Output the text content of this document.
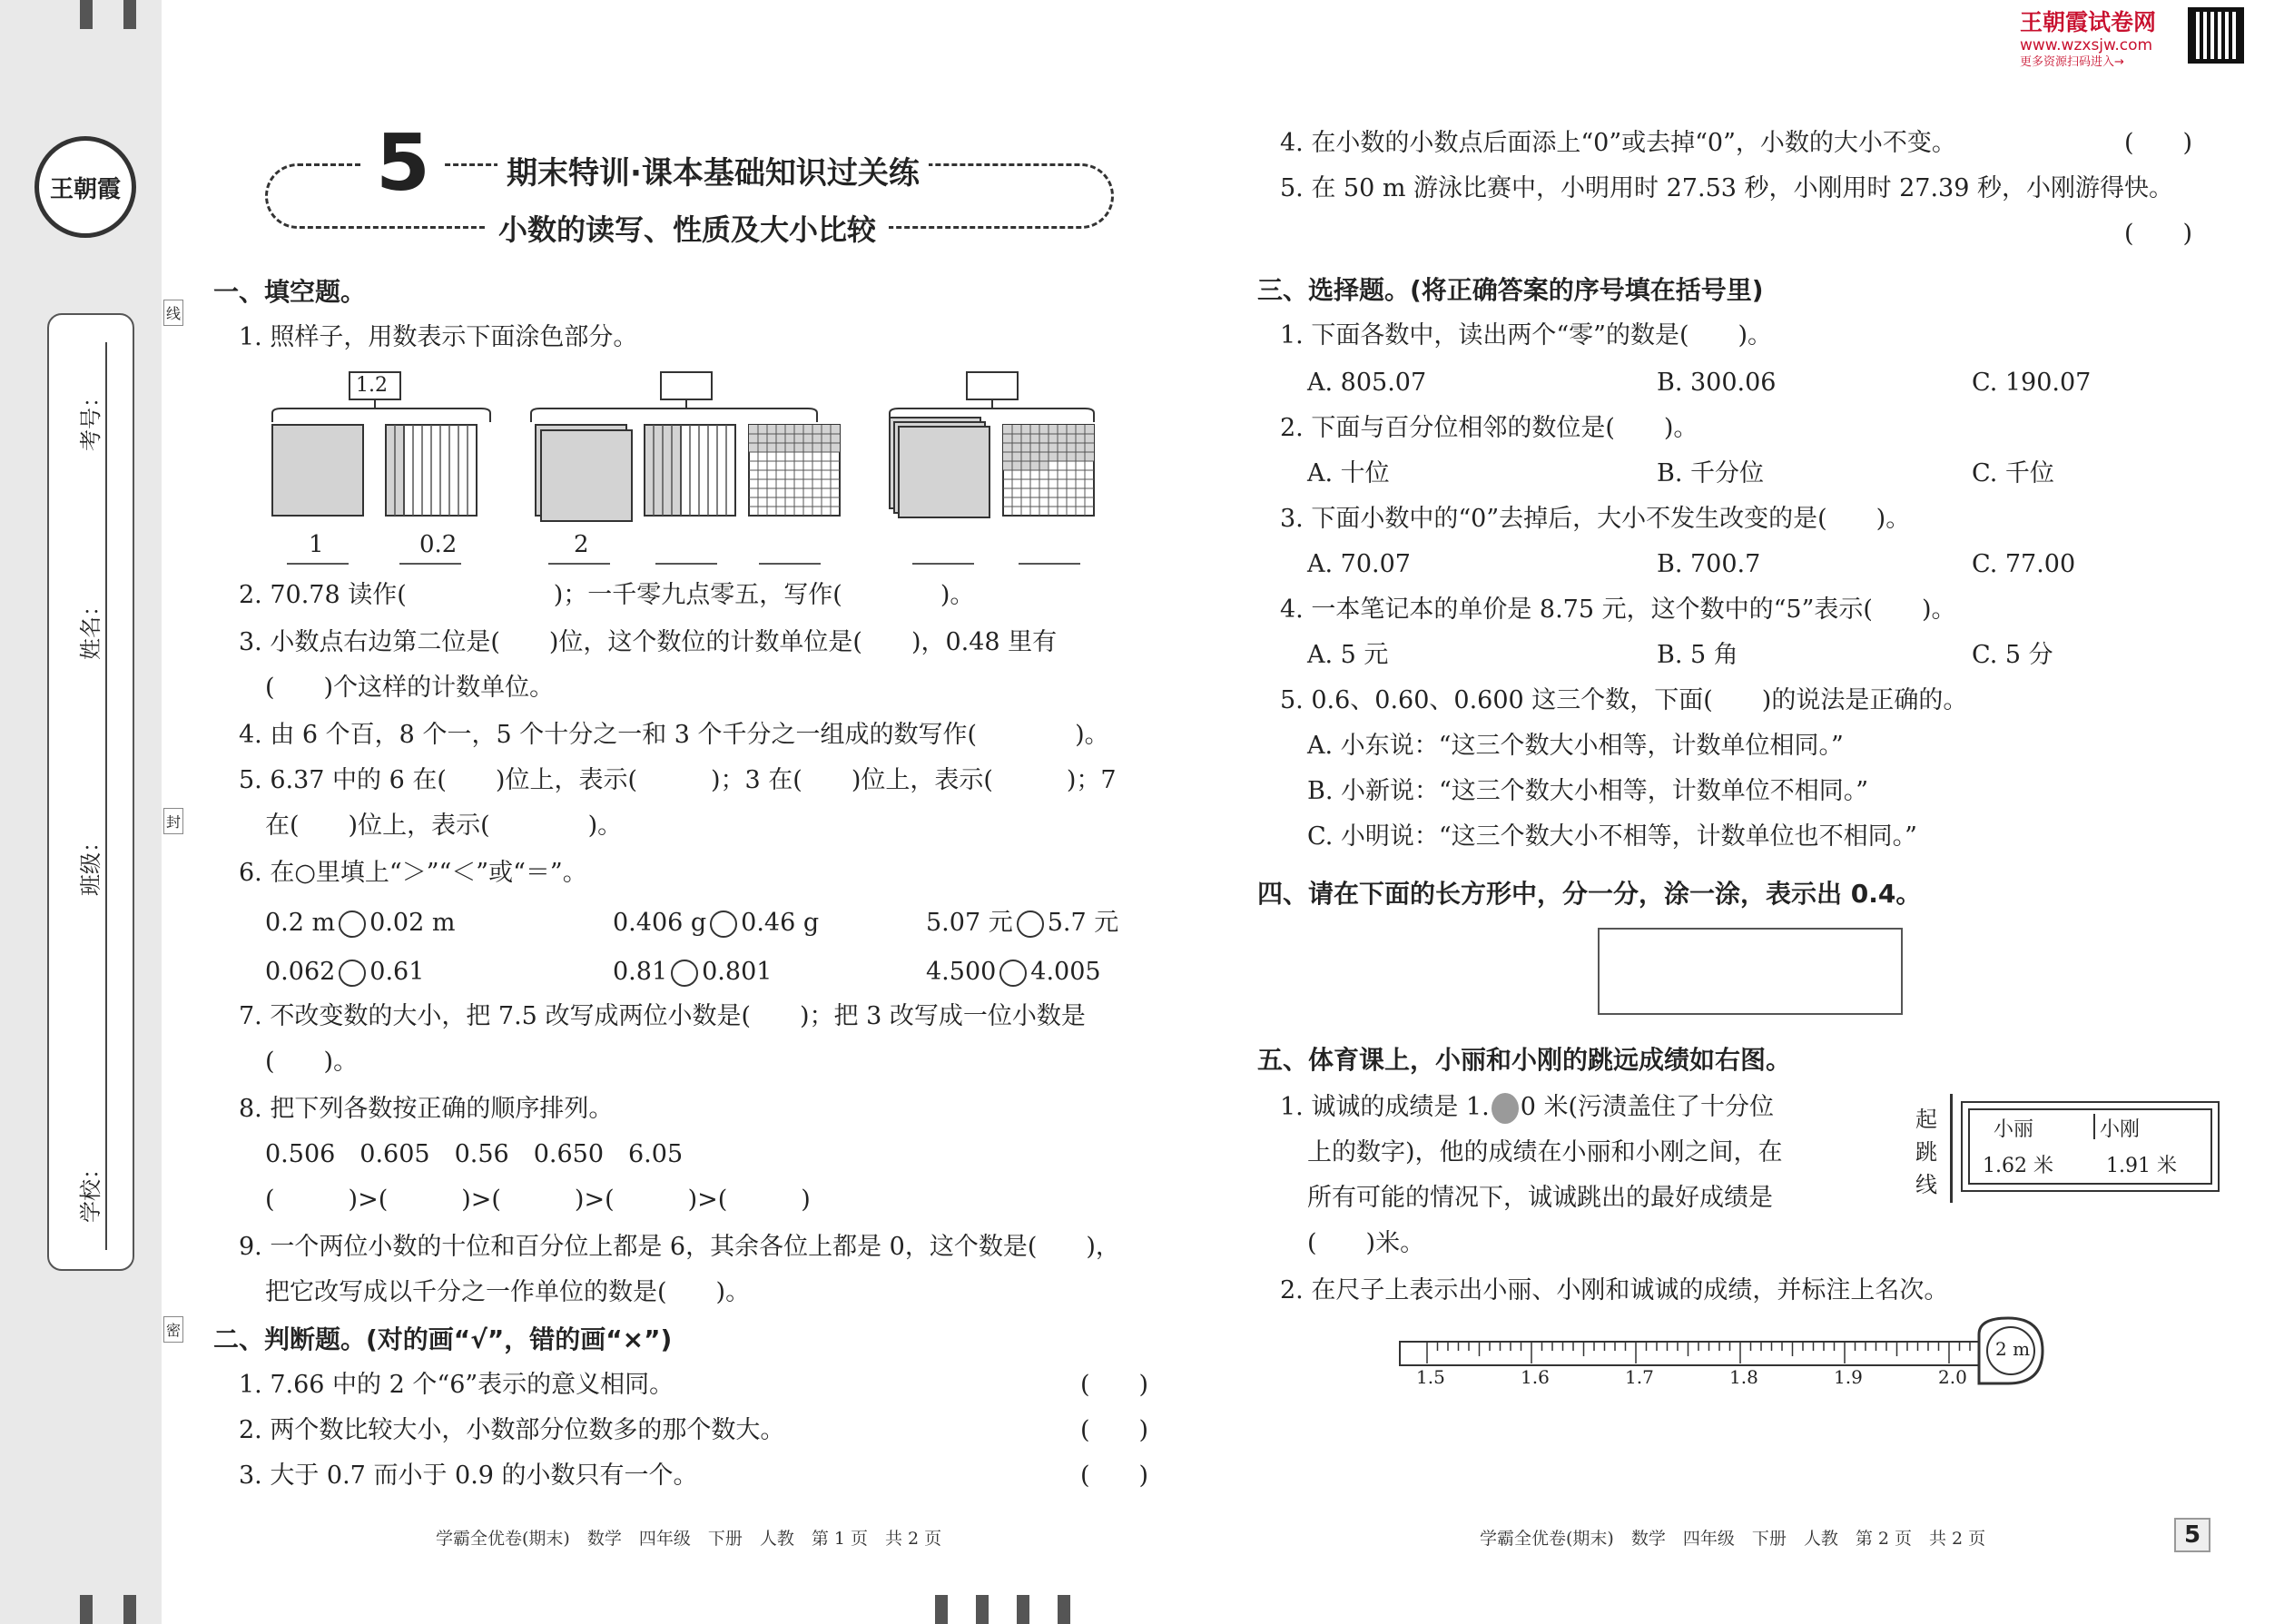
王朝霞
考号：
姓名：
班级：
学校：
线
封
密
5	期末特训·课本基础知识过关练
小数的读写、性质及大小比较
王朝霞试卷网
www.wzxsjw.com
更多资源扫码进入→
一、填空题。
1. 照样子，用数表示下面涂色部分。
1.2
1	0.2	2
2. 70.78 读作(　　　　　　)；一千零九点零五，写作(　　　　)。
3. 小数点右边第二位是(　　)位，这个数位的计数单位是(　　)，0.48 里有
(　　)个这样的计数单位。
4. 由 6 个百，8 个一，5 个十分之一和 3 个千分之一组成的数写作(　　　　)。
5. 6.37 中的 6 在(　　)位上，表示(　　　)；3 在(　　)位上，表示(　　　)；7
在(　　)位上，表示(　　　　)。
6. 在○里填上“＞”“＜”或“＝”。
0.2 m 0.02 m	0.406 g 0.46 g	5.07 元 5.7 元
0.062 0.61	0.81 0.801	4.500 4.005
7. 不改变数的大小，把 7.5 改写成两位小数是(　　)；把 3 改写成一位小数是
(　　)。
8. 把下列各数按正确的顺序排列。
0.506　0.605　0.56　0.650　6.05
(　　　)>(　　　)>(　　　)>(　　　)>(　　　)
9. 一个两位小数的十位和百分位上都是 6，其余各位上都是 0，这个数是(　　)，
把它改写成以千分之一作单位的数是(　　)。
二、判断题。(对的画“√”，错的画“×”)
1. 7.66 中的 2 个“6”表示的意义相同。	(　　)
2. 两个数比较大小，小数部分位数多的那个数大。	(　　)
3. 大于 0.7 而小于 0.9 的小数只有一个。	(　　)
学霸全优卷(期末)　数学　四年级　下册　人教　第 1 页　共 2 页
4. 在小数的小数点后面添上“0”或去掉“0”，小数的大小不变。	(　　)
5. 在 50 m 游泳比赛中，小明用时 27.53 秒，小刚用时 27.39 秒，小刚游得快。
(　　)
三、选择题。(将正确答案的序号填在括号里)
1. 下面各数中，读出两个“零”的数是(　　)。
A. 805.07	B. 300.06	C. 190.07
2. 下面与百分位相邻的数位是(　　)。
A. 十位	B. 千分位	C. 千位
3. 下面小数中的“0”去掉后，大小不发生改变的是(　　)。
A. 70.07	B. 700.7	C. 77.00
4. 一本笔记本的单价是 8.75 元，这个数中的“5”表示(　　)。
A. 5 元	B. 5 角	C. 5 分
5. 0.6、0.60、0.600 这三个数，下面(　　)的说法是正确的。
A. 小东说：“这三个数大小相等，计数单位相同。”
B. 小新说：“这三个数大小相等，计数单位不相同。”
C. 小明说：“这三个数大小不相等，计数单位也不相同。”
四、请在下面的长方形中，分一分，涂一涂，表示出 0.4。
五、体育课上，小丽和小刚的跳远成绩如右图。
1. 诚诚的成绩是 1. 0 米(污渍盖住了十分位
上的数字)，他的成绩在小丽和小刚之间，在
所有可能的情况下，诚诚跳出的最好成绩是
(　　)米。
起
跳
线
小丽	小刚
1.62 米	1.91 米
2. 在尺子上表示出小丽、小刚和诚诚的成绩，并标注上名次。
2 m
1.5	1.6	1.7	1.8	1.9	2.0
学霸全优卷(期末)　数学　四年级　下册　人教　第 2 页　共 2 页	5
